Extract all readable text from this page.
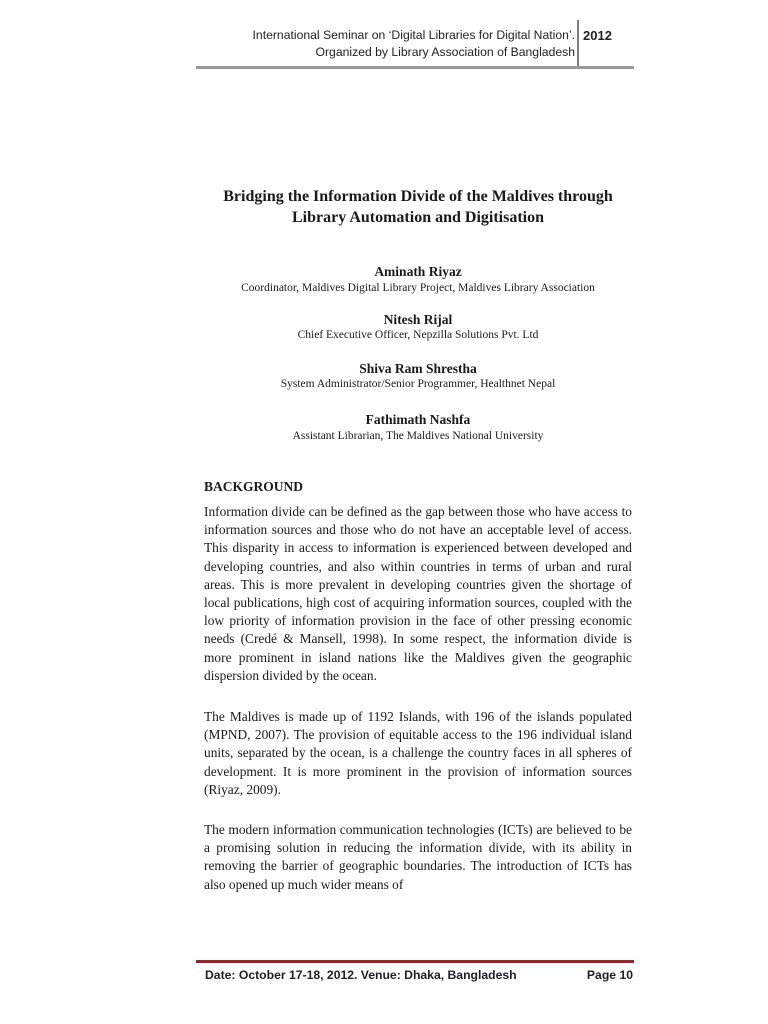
International Seminar on ‘Digital Libraries for Digital Nation’.
Organized by Library Association of Bangladesh
2012
Bridging the Information Divide of the Maldives through
Library Automation and Digitisation
Aminath Riyaz
Coordinator, Maldives Digital Library Project, Maldives Library Association
Nitesh Rijal
Chief Executive Officer, Nepzilla Solutions Pvt. Ltd
Shiva Ram Shrestha
System Administrator/Senior Programmer, Healthnet Nepal
Fathimath Nashfa
Assistant Librarian, The Maldives National University
BACKGROUND
Information divide can be defined as the gap between those who have access to information sources and those who do not have an acceptable level of access. This disparity in access to information is experienced between developed and developing countries, and also within countries in terms of urban and rural areas. This is more prevalent in developing countries given the shortage of local publications, high cost of acquiring information sources, coupled with the low priority of information provision in the face of other pressing economic needs (Credé & Mansell, 1998). In some respect, the information divide is more prominent in island nations like the Maldives given the geographic dispersion divided by the ocean.
The Maldives is made up of 1192 Islands, with 196 of the islands populated (MPND, 2007). The provision of equitable access to the 196 individual island units, separated by the ocean, is a challenge the country faces in all spheres of development. It is more prominent in the provision of information sources (Riyaz, 2009).
The modern information communication technologies (ICTs) are believed to be a promising solution in reducing the information divide, with its ability in removing the barrier of geographic boundaries. The introduction of ICTs has also opened up much wider means of
Date: October 17-18, 2012. Venue: Dhaka, Bangladesh	Page 10
